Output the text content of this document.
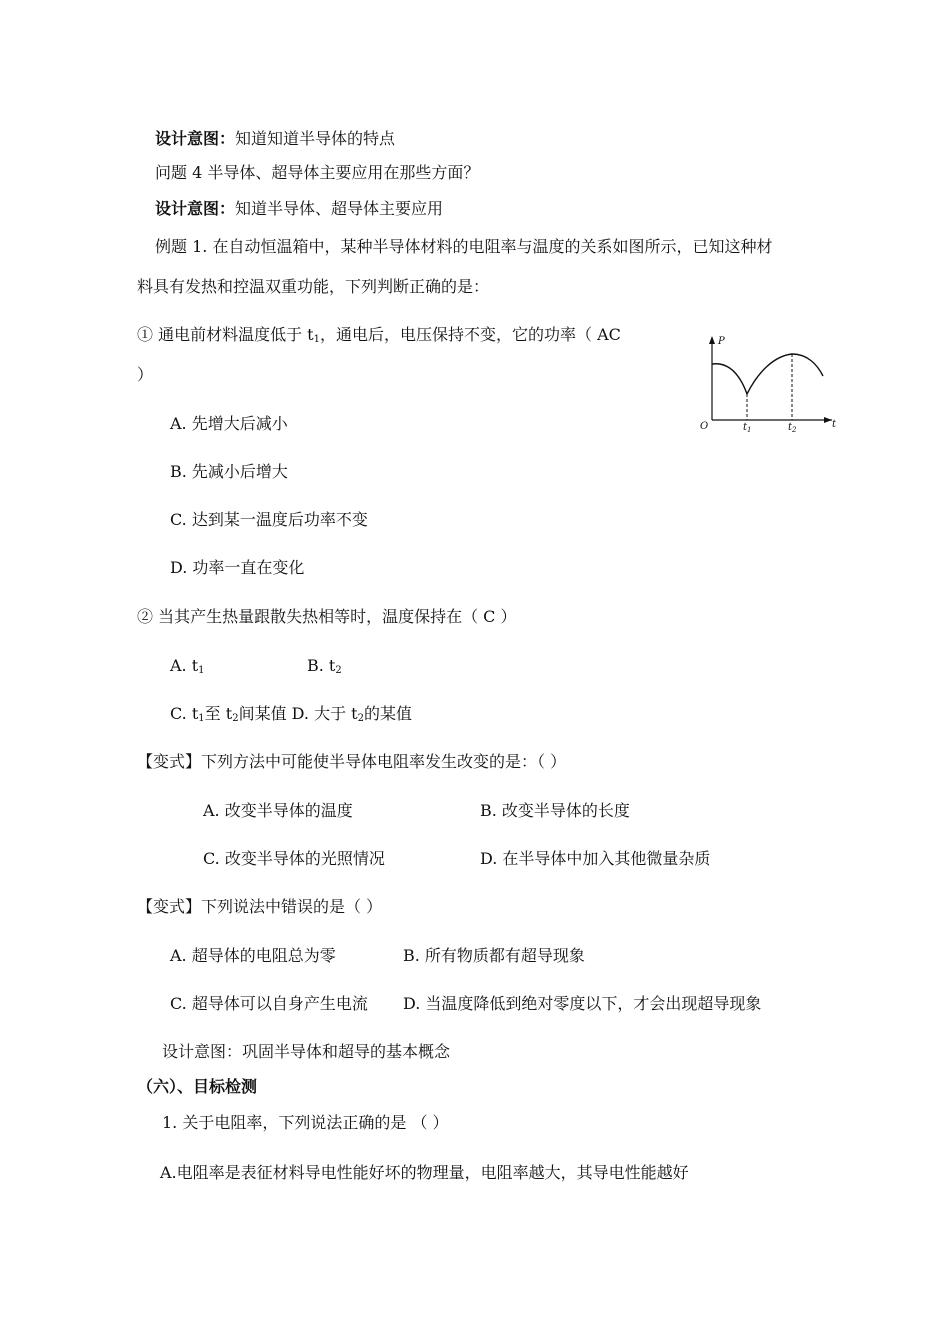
设计意图：知道知道半导体的特点
问题 4 半导体、超导体主要应用在那些方面？
设计意图：知道半导体、超导体主要应用
例题 1. 在自动恒温箱中，某种半导体材料的电阻率与温度的关系如图所示，已知这种材
料具有发热和控温双重功能，下列判断正确的是：
① 通电前材料温度低于 $t_1$，通电后，电压保持不变，它的功率（ AC
）
P
t
O	$t_1$	$t_2$
A. 先增大后减小
B. 先减小后增大
C. 达到某一温度后功率不变
D. 功率一直在变化
② 当其产生热量跟散失热相等时，温度保持在（ C ）
A. $t_1$	B. $t_2$
C. $t_1$至 $t_2$间某值 D. 大于 $t_2$的某值
【变式】下列方法中可能使半导体电阻率发生改变的是：（ ）
A. 改变半导体的温度	B. 改变半导体的长度
C. 改变半导体的光照情况	D. 在半导体中加入其他微量杂质
【变式】下列说法中错误的是（ ）
A. 超导体的电阻总为零	B. 所有物质都有超导现象
C. 超导体可以自身产生电流 D. 当温度降低到绝对零度以下，才会出现超导现象
设计意图：巩固半导体和超导的基本概念
（六）、目标检测
1. 关于电阻率，下列说法正确的是 （ ）
A.电阻率是表征材料导电性能好坏的物理量，电阻率越大，其导电性能越好
